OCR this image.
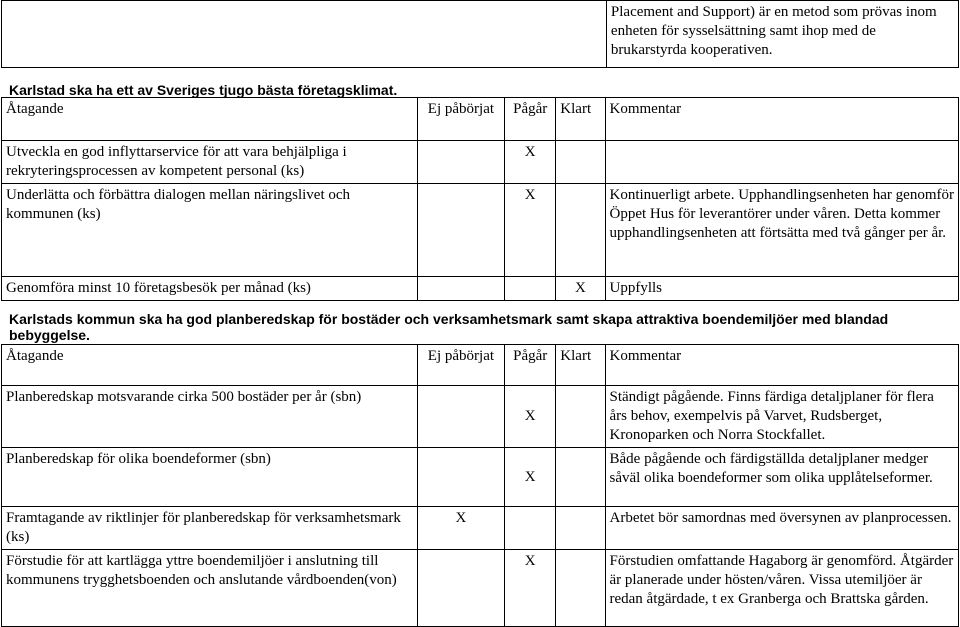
	Placement and Support) är en metod som prövas inom enheten för sysselsättning samt ihop med de brukarstyrda kooperativen.
Karlstad ska ha ett av Sveriges tjugo bästa företagsklimat.
Åtagande	Ej påbörjat	Pågår	Klart	Kommentar
Utveckla en god inflyttarservice för att vara behjälpliga i rekryteringsprocessen av kompetent personal (ks)		X		
Underlätta och förbättra dialogen mellan näringslivet och kommunen (ks)		X		Kontinuerligt arbete. Upphandlingsenheten har genomför Öppet Hus för leverantörer under våren. Detta kommer upphandlingsenheten att förtsätta med två gånger per år.
Genomföra minst 10 företagsbesök per månad (ks)			X	Uppfylls
Karlstads kommun ska ha god planberedskap för bostäder och verksamhetsmark samt skapa attraktiva boendemiljöer med blandad bebyggelse.
Åtagande	Ej påbörjat	Pågår	Klart	Kommentar
Planberedskap motsvarande cirka 500 bostäder per år (sbn)		X		Ständigt pågående. Finns färdiga detaljplaner för flera års behov, exempelvis på Varvet, Rudsberget, Kronoparken och Norra Stockfallet.
Planberedskap för olika boendeformer (sbn)		X		Både pågående och färdigställda detaljplaner medger såväl olika boendeformer som olika upplåtelseformer.
Framtagande av riktlinjer för planberedskap för verksamhetsmark (ks)	X			Arbetet bör samordnas med översynen av planprocessen.
Förstudie för att kartlägga yttre boendemiljöer i anslutning till kommunens trygghetsboenden och anslutande vårdboenden(von)		X		Förstudien omfattande Hagaborg är genomförd. Åtgärder är planerade under hösten/våren. Vissa utemiljöer är redan åtgärdade, t ex Granberga och Brattska gården.
